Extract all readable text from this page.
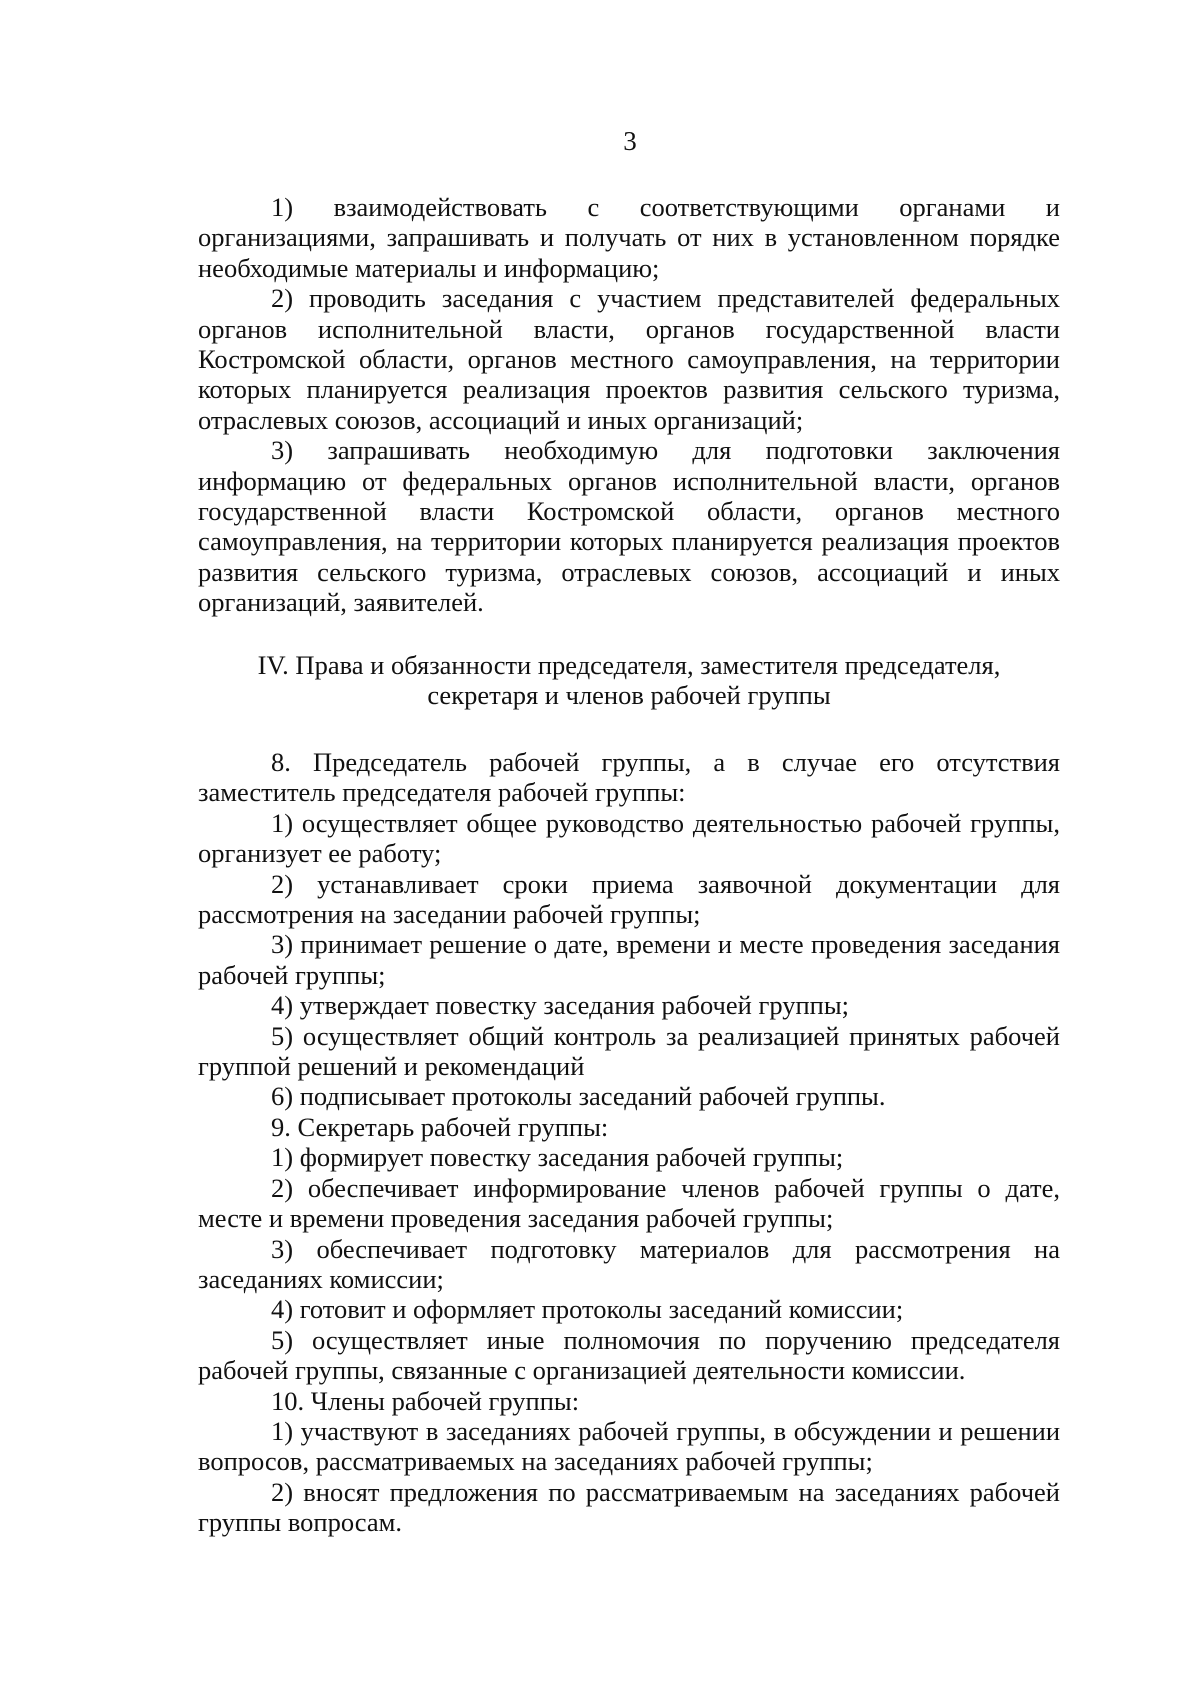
3

1) взаимодействовать с соответствующими органами и организациями, запрашивать и получать от них в установленном порядке необходимые материалы и информацию;

2) проводить заседания с участием представителей федеральных органов исполнительной власти, органов государственной власти Костромской области, органов местного самоуправления, на территории которых планируется реализация проектов развития сельского туризма, отраслевых союзов, ассоциаций и иных организаций;

3) запрашивать необходимую для подготовки заключения информацию от федеральных органов исполнительной власти, органов государственной власти Костромской области, органов местного самоуправления, на территории которых планируется реализация проектов развития сельского туризма, отраслевых союзов, ассоциаций и иных организаций, заявителей.

IV. Права и обязанности председателя, заместителя председателя,
секретаря и членов рабочей группы

8. Председатель рабочей группы, а в случае его отсутствия заместитель председателя рабочей группы:

1) осуществляет общее руководство деятельностью рабочей группы, организует ее работу;

2) устанавливает сроки приема заявочной документации для рассмотрения на заседании рабочей группы;

3) принимает решение о дате, времени и месте проведения заседания рабочей группы;

4) утверждает повестку заседания рабочей группы;

5) осуществляет общий контроль за реализацией принятых рабочей группой решений и рекомендаций

6) подписывает протоколы заседаний рабочей группы.

9. Секретарь рабочей группы:

1) формирует повестку заседания рабочей группы;

2) обеспечивает информирование членов рабочей группы о дате, месте и времени проведения заседания рабочей группы;

3) обеспечивает подготовку материалов для рассмотрения на заседаниях комиссии;

4) готовит и оформляет протоколы заседаний комиссии;

5) осуществляет иные полномочия по поручению председателя рабочей группы, связанные с организацией деятельности комиссии.

10. Члены рабочей группы:

1) участвуют в заседаниях рабочей группы, в обсуждении и решении вопросов, рассматриваемых на заседаниях рабочей группы;

2) вносят предложения по рассматриваемым на заседаниях рабочей группы вопросам.
